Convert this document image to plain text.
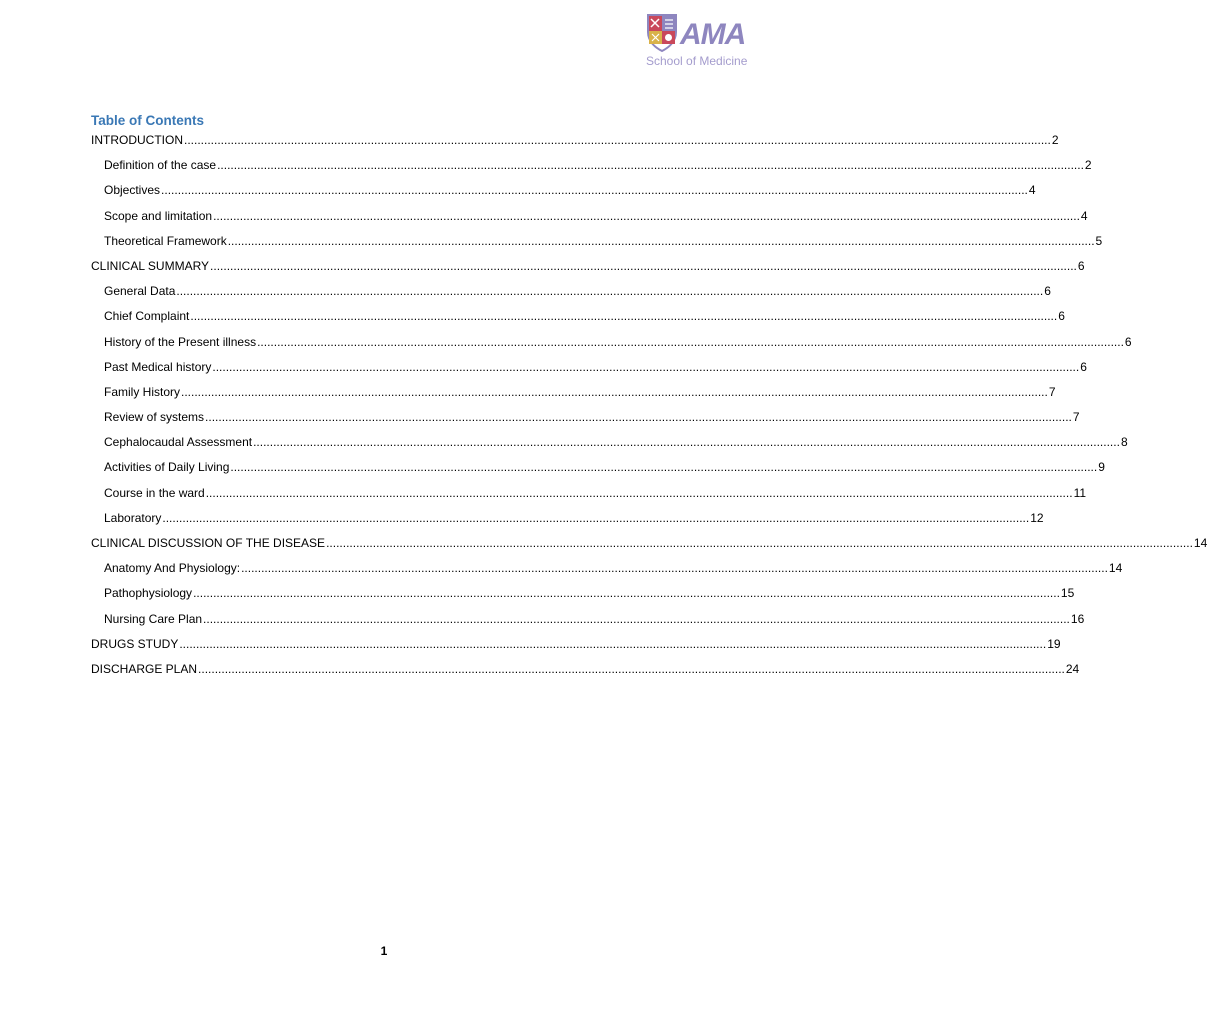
AMA
School of Medicine
Table of Contents
INTRODUCTION .................................................................................................................................................................................................................................................................... 2
Definition of the case .................................................................................................................................................................................................................................................................... 2
Objectives .................................................................................................................................................................................................................................................................... 4
Scope and limitation .................................................................................................................................................................................................................................................................... 4
Theoretical Framework .................................................................................................................................................................................................................................................................... 5
CLINICAL SUMMARY .................................................................................................................................................................................................................................................................... 6
General Data .................................................................................................................................................................................................................................................................... 6
Chief Complaint .................................................................................................................................................................................................................................................................... 6
History of the Present illness .................................................................................................................................................................................................................................................................... 6
Past Medical history .................................................................................................................................................................................................................................................................... 6
Family History .................................................................................................................................................................................................................................................................... 7
Review of systems .................................................................................................................................................................................................................................................................... 7
Cephalocaudal Assessment .................................................................................................................................................................................................................................................................... 8
Activities of Daily Living .................................................................................................................................................................................................................................................................... 9
Course in the ward .................................................................................................................................................................................................................................................................... 11
Laboratory .................................................................................................................................................................................................................................................................... 12
CLINICAL DISCUSSION OF THE DISEASE .................................................................................................................................................................................................................................................................... 14
Anatomy And Physiology: .................................................................................................................................................................................................................................................................... 14
Pathophysiology .................................................................................................................................................................................................................................................................... 15
Nursing Care Plan .................................................................................................................................................................................................................................................................... 16
DRUGS STUDY .................................................................................................................................................................................................................................................................... 19
DISCHARGE PLAN .................................................................................................................................................................................................................................................................... 24
1
